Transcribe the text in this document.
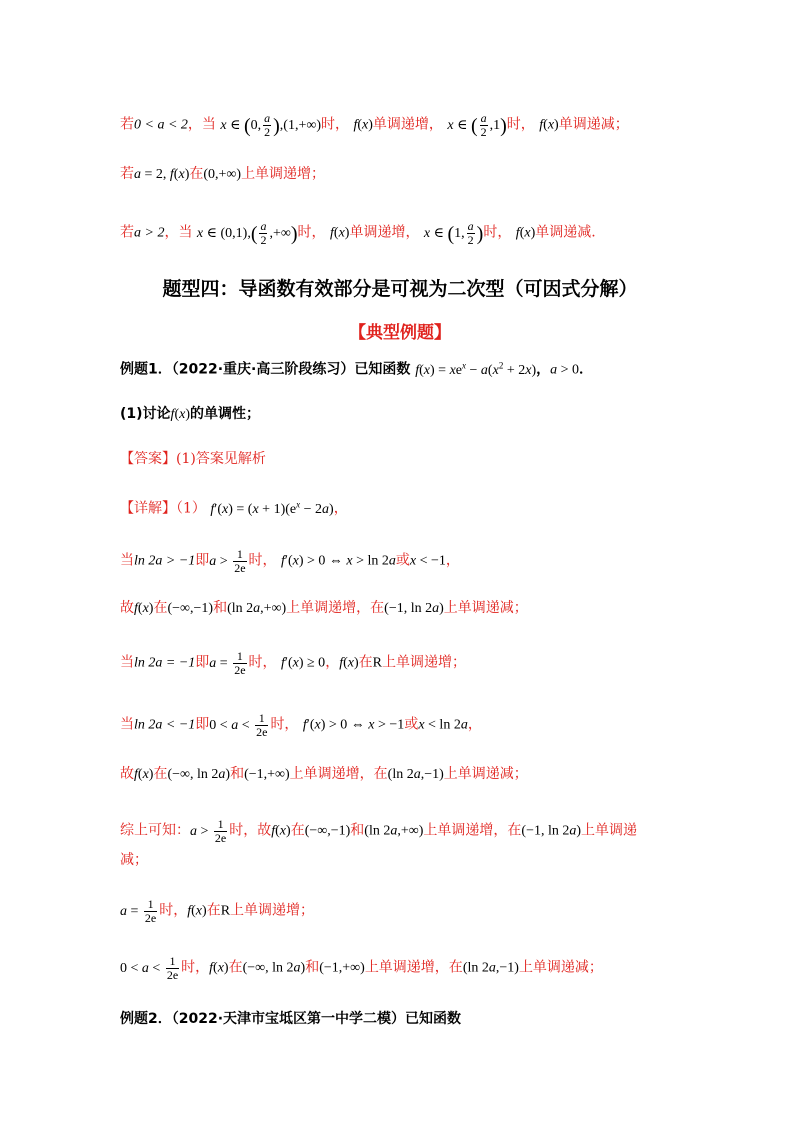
若0 < a < 2，当 x ∈ (0, $\frac{a}{2} ),(1,+\infty)$时， f(x)单调递增， x ∈ ( $\frac{a}{2} ,1$)时， f(x)单调递减；
若a = 2, f(x)在(0,+∞)上单调递增；
若a > 2，当 x ∈ $(0,1),( \frac{a}{2}$ ,+∞)时， f(x)单调递增， x ∈ (1, $\frac{a}{2}$ )时， f(x)单调递减.
题型四：导函数有效部分是可视为二次型（可因式分解）
【典型例题】
例题1．（2022·重庆·高三阶段练习）已知函数 $f(x) = xe^x - a(x^2 + 2x)$，a > 0．
(1)讨论f(x)的单调性；
【答案】(1)答案见解析
【详解】（1） $f'(x) = (x + 1)(e^x - 2a)$，
当ln 2a > −1即$a > \frac{1}{2e}$ 时， f′(x) > 0 ⇔ x > ln 2a或x < −1，
故f(x)在(−∞,−1)和(ln 2a,+∞)上单调递增，在(−1, ln 2a)上单调递减；
当ln 2a = −1即$a = \frac{1}{2e}$ 时， f′(x) ≥ 0，f(x)在R上单调递增；
当ln 2a < −1即$0 < a < \frac{1}{2e}$ 时， f′(x) > 0 ⇔ x > −1或x < ln 2a，
故f(x)在(−∞, ln 2a)和(−1,+∞)上单调递增，在(ln 2a,−1)上单调递减；
综上可知：$a > \frac{1}{2e}$ 时，故f(x)在(−∞,−1)和(ln 2a,+∞)上单调递增，在(−1, ln 2a)上单调递
减；
$a = \frac{1}{2e}$ 时，f(x)在R上单调递增；
$0 < a < \frac{1}{2e}$ 时，f(x)在(−∞, ln 2a)和(−1,+∞)上单调递增，在(ln 2a,−1)上单调递减；
例题2．（2022·天津市宝坻区第一中学二模）已知函数
